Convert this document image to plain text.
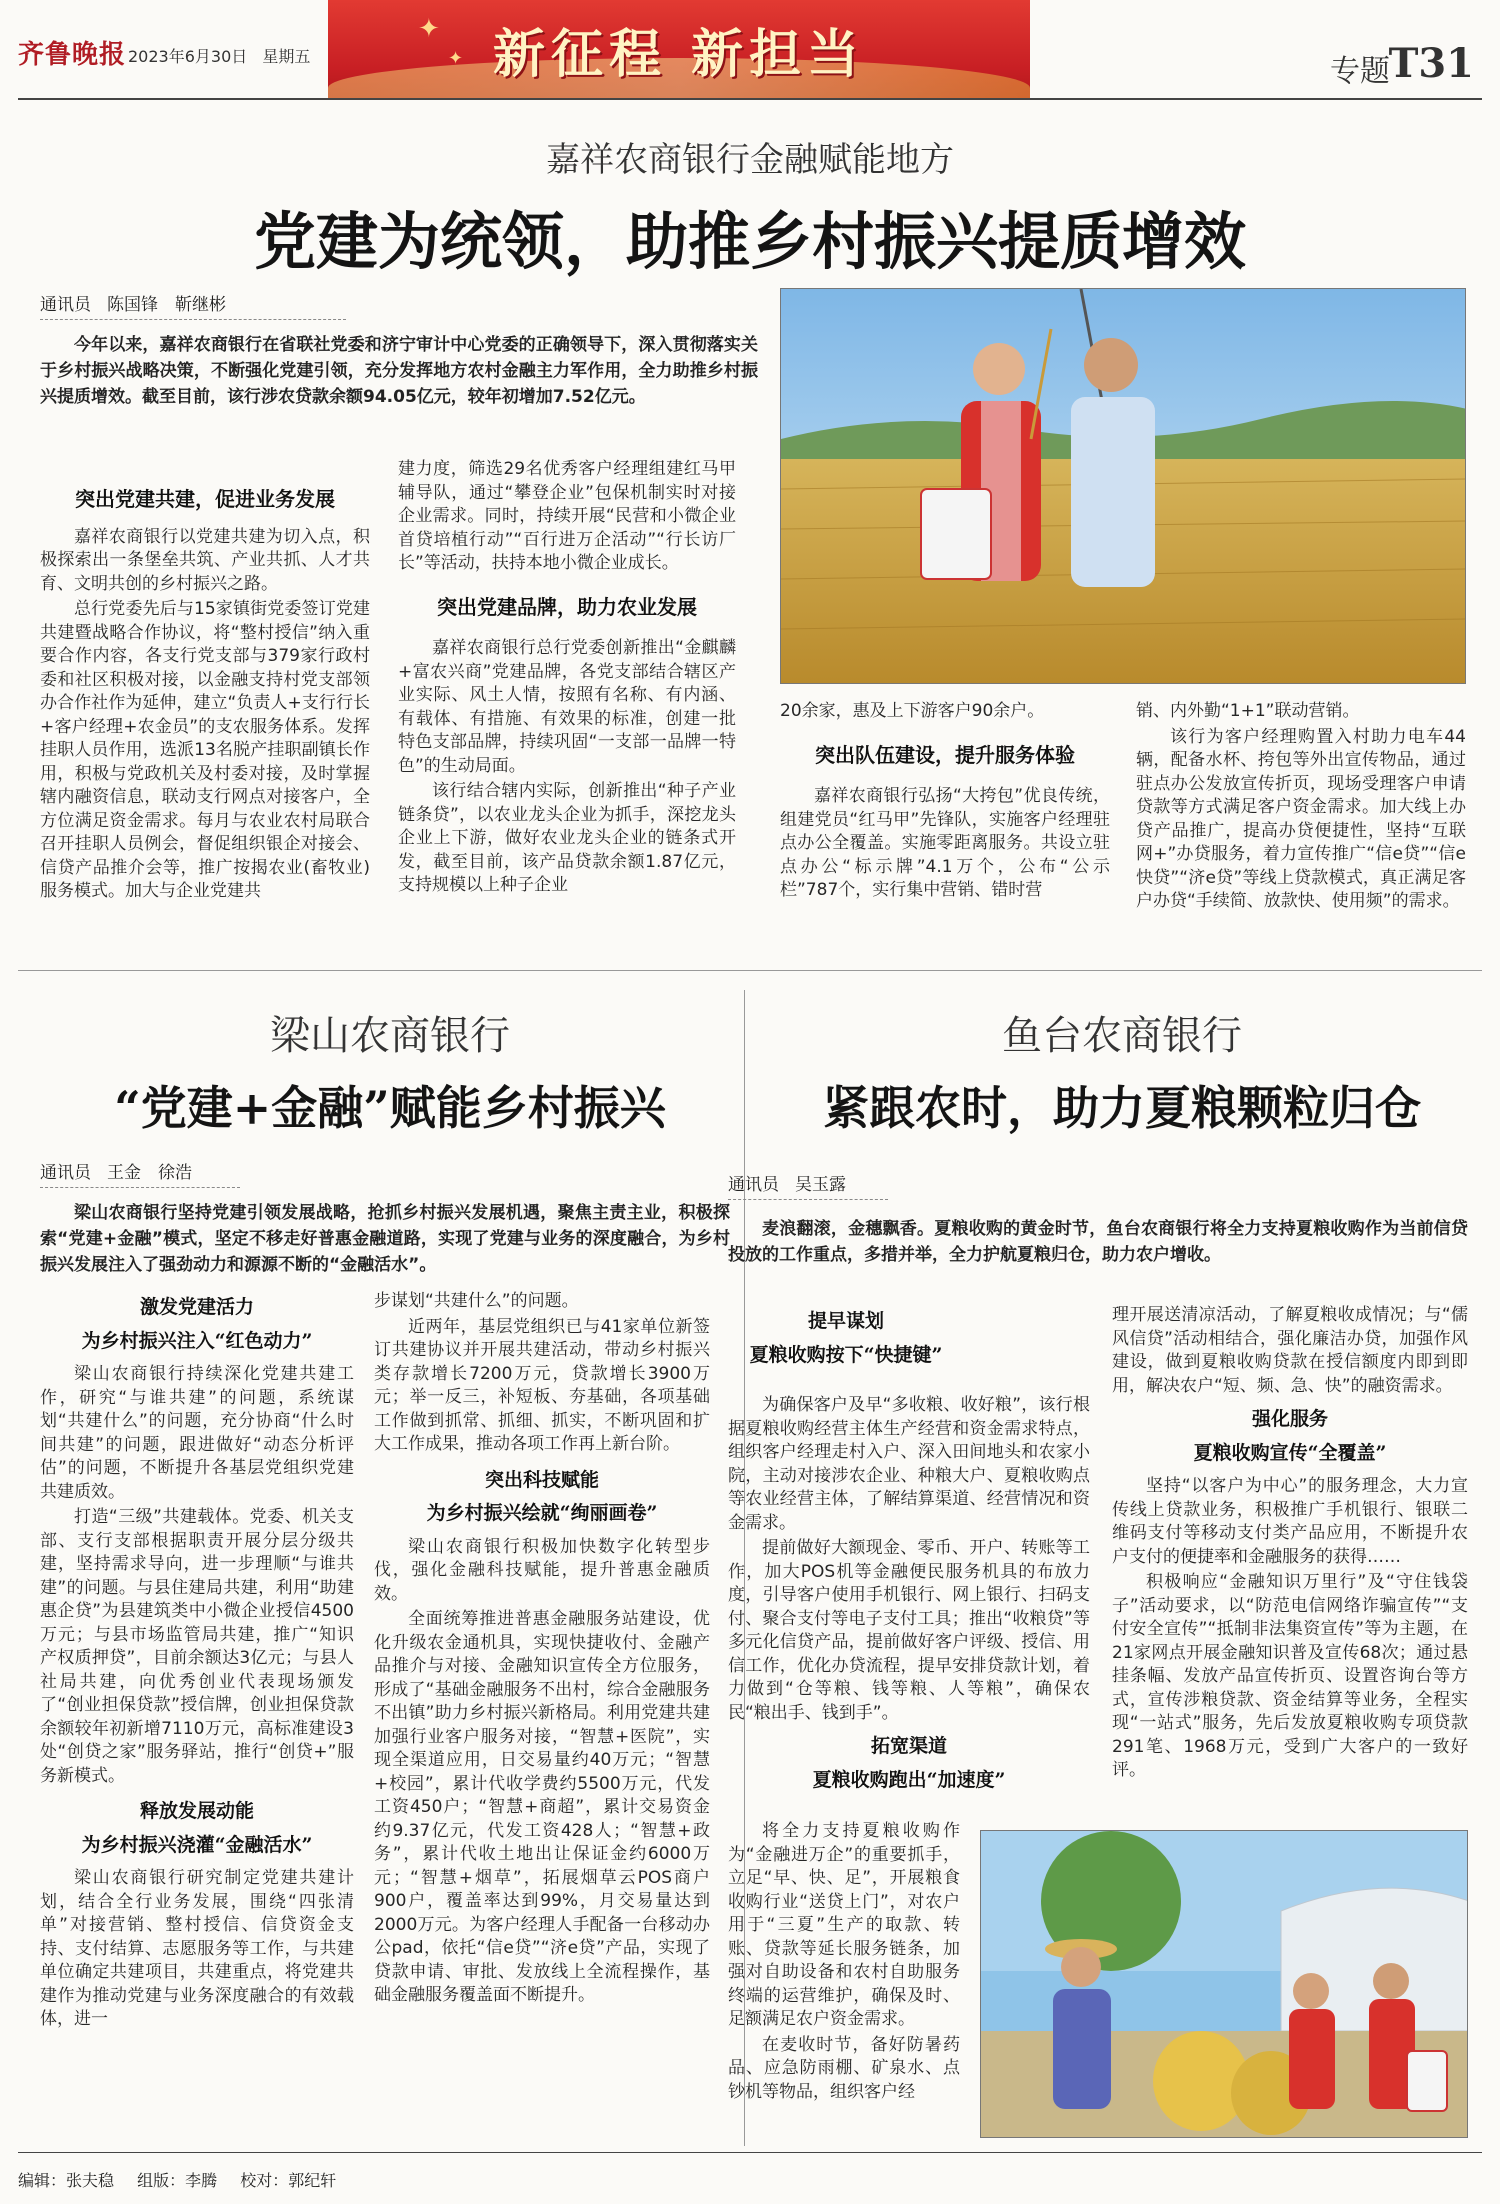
齐鲁晚报 2023年6月30日 星期五
✦
✦ 新征程 新担当	专题
T31
嘉祥农商银行金融赋能地方
党建为统领，助推乡村振兴提质增效
通讯员 陈国锋　靳继彬
今年以来，嘉祥农商银行在省联社党委和济宁审计中心党委的正确领导下，深入贯彻落实关于乡村振兴战略决策，不断强化党建引领，充分发挥地方农村金融主力军作用，全力助推乡村振兴提质增效。截至目前，该行涉农贷款余额94.05亿元，较年初增加7.52亿元。
突出党建共建，促进业务发展

嘉祥农商银行以党建共建为切入点，积极探索出一条堡垒共筑、产业共抓、人才共育、文明共创的乡村振兴之路。

总行党委先后与15家镇街党委签订党建共建暨战略合作协议，将“整村授信”纳入重要合作内容，各支行党支部与379家行政村委和社区积极对接，以金融支持村党支部领办合作社作为延伸，建立“负责人+支行行长+客户经理+农金员”的支农服务体系。发挥挂职人员作用，选派13名脱产挂职副镇长作用，积极与党政机关及村委对接，及时掌握辖内融资信息，联动支行网点对接客户，全方位满足资金需求。每月与农业农村局联合召开挂职人员例会，督促组织银企对接会、信贷产品推介会等，推广按揭农业(畜牧业)服务模式。加大与企业党建共

建力度，筛选29名优秀客户经理组建红马甲辅导队，通过“攀登企业”包保机制实时对接企业需求。同时，持续开展“民营和小微企业首贷培植行动”“百行进万企活动”“行长访厂长”等活动，扶持本地小微企业成长。

突出党建品牌，助力农业发展

嘉祥农商银行总行党委创新推出“金麒麟+富农兴商”党建品牌，各党支部结合辖区产业实际、风土人情，按照有名称、有内涵、有载体、有措施、有效果的标准，创建一批特色支部品牌，持续巩固“一支部一品牌一特色”的生动局面。

该行结合辖内实际，创新推出“种子产业链条贷”，以农业龙头企业为抓手，深挖龙头企业上下游，做好农业龙头企业的链条式开发，截至目前，该产品贷款余额1.87亿元，支持规模以上种子企业

20余家，惠及上下游客户90余户。

突出队伍建设，提升服务体验

嘉祥农商银行弘扬“大挎包”优良传统，组建党员“红马甲”先锋队，实施客户经理驻点办公全覆盖。实施零距离服务。共设立驻点办公“标示牌”4.1万个，公布“公示栏”787个，实行集中营销、错时营

销、内外勤“1+1”联动营销。

该行为客户经理购置入村助力电车44辆，配备水杯、挎包等外出宣传物品，通过驻点办公发放宣传折页，现场受理客户申请贷款等方式满足客户资金需求。加大线上办贷产品推广，提高办贷便捷性，坚持“互联网+”办贷服务，着力宣传推广“信e贷”“信e快贷”“济e贷”等线上贷款模式，真正满足客户办贷“手续简、放款快、使用频”的需求。

梁山农商银行
“党建+金融”赋能乡村振兴
通讯员 王金　徐浩
梁山农商银行坚持党建引领发展战略，抢抓乡村振兴发展机遇，聚焦主责主业，积极探索“党建+金融”模式，坚定不移走好普惠金融道路，实现了党建与业务的深度融合，为乡村振兴发展注入了强劲动力和源源不断的“金融活水”。
激发党建活力
为乡村振兴注入“红色动力”

梁山农商银行持续深化党建共建工作，研究“与谁共建”的问题，系统谋划“共建什么”的问题，充分协商“什么时间共建”的问题，跟进做好“动态分析评估”的问题，不断提升各基层党组织党建共建质效。

打造“三级”共建载体。党委、机关支部、支行支部根据职责开展分层分级共建，坚持需求导向，进一步理顺“与谁共建”的问题。与县住建局共建，利用“助建惠企贷”为县建筑类中小微企业授信4500万元；与县市场监管局共建，推广“知识产权质押贷”，目前余额达3亿元；与县人社局共建，向优秀创业代表现场颁发了“创业担保贷款”授信牌，创业担保贷款余额较年初新增7110万元，高标准建设3处“创贷之家”服务驿站，推行“创贷+”服务新模式。

释放发展动能
为乡村振兴浇灌“金融活水”

梁山农商银行研究制定党建共建计划，结合全行业务发展，围绕“四张清单”对接营销、整村授信、信贷资金支持、支付结算、志愿服务等工作，与共建单位确定共建项目，共建重点，将党建共建作为推动党建与业务深度融合的有效载体，进一

步谋划“共建什么”的问题。

近两年，基层党组织已与41家单位新签订共建协议并开展共建活动，带动乡村振兴类存款增长7200万元，贷款增长3900万元；举一反三，补短板、夯基础，各项基础工作做到抓常、抓细、抓实，不断巩固和扩大工作成果，推动各项工作再上新台阶。

突出科技赋能
为乡村振兴绘就“绚丽画卷”

梁山农商银行积极加快数字化转型步伐，强化金融科技赋能，提升普惠金融质效。

全面统筹推进普惠金融服务站建设，优化升级农金通机具，实现快捷收付、金融产品推介与对接、金融知识宣传全方位服务，形成了“基础金融服务不出村，综合金融服务不出镇”助力乡村振兴新格局。利用党建共建加强行业客户服务对接，“智慧+医院”，实现全渠道应用，日交易量约40万元；“智慧+校园”，累计代收学费约5500万元，代发工资450户；“智慧+商超”，累计交易资金约9.37亿元，代发工资428人；“智慧+政务”，累计代收土地出让保证金约6000万元；“智慧+烟草”，拓展烟草云POS商户900户，覆盖率达到99%，月交易量达到2000万元。为客户经理人手配备一台移动办公pad，依托“信e贷”“济e贷”产品，实现了贷款申请、审批、发放线上全流程操作，基础金融服务覆盖面不断提升。

鱼台农商银行
紧跟农时，助力夏粮颗粒归仓
通讯员 吴玉露
麦浪翻滚，金穗飘香。夏粮收购的黄金时节，鱼台农商银行将全力支持夏粮收购作为当前信贷投放的工作重点，多措并举，全力护航夏粮归仓，助力农户增收。
提早谋划
夏粮收购按下“快捷键”

为确保客户及早“多收粮、收好粮”，该行根据夏粮收购经营主体生产经营和资金需求特点，组织客户经理走村入户、深入田间地头和农家小院，主动对接涉农企业、种粮大户、夏粮收购点等农业经营主体，了解结算渠道、经营情况和资金需求。

提前做好大额现金、零币、开户、转账等工作，加大POS机等金融便民服务机具的布放力度，引导客户使用手机银行、网上银行、扫码支付、聚合支付等电子支付工具；推出“收粮贷”等多元化信贷产品，提前做好客户评级、授信、用信工作，优化办贷流程，提早安排贷款计划，着力做到“仓等粮、钱等粮、人等粮”，确保农民“粮出手、钱到手”。

拓宽渠道
夏粮收购跑出“加速度”

将全力支持夏粮收购作为“金融进万企”的重要抓手，立足“早、快、足”，开展粮食收购行业“送贷上门”，对农户用于“三夏”生产的取款、转账、贷款等延长服务链条，加强对自助设备和农村自助服务终端的运营维护，确保及时、足额满足农户资金需求。

在麦收时节，备好防暑药品、应急防雨棚、矿泉水、点钞机等物品，组织客户经

理开展送清凉活动，了解夏粮收成情况；与“儒风信贷”活动相结合，强化廉洁办贷，加强作风建设，做到夏粮收购贷款在授信额度内即到即用，解决农户“短、频、急、快”的融资需求。

强化服务
夏粮收购宣传“全覆盖”

坚持“以客户为中心”的服务理念，大力宣传线上贷款业务，积极推广手机银行、银联二维码支付等移动支付类产品应用，不断提升农户支付的便捷率和金融服务的获得……

积极响应“金融知识万里行”及“守住钱袋子”活动要求，以“防范电信网络诈骗宣传”“支付安全宣传”“抵制非法集资宣传”等为主题，在21家网点开展金融知识普及宣传68次；通过悬挂条幅、发放产品宣传折页、设置咨询台等方式，宣传涉粮贷款、资金结算等业务，全程实现“一站式”服务，先后发放夏粮收购专项贷款291笔、1968万元，受到广大客户的一致好评。

编辑：张夫稳 组版：李腾 校对：郭纪轩
